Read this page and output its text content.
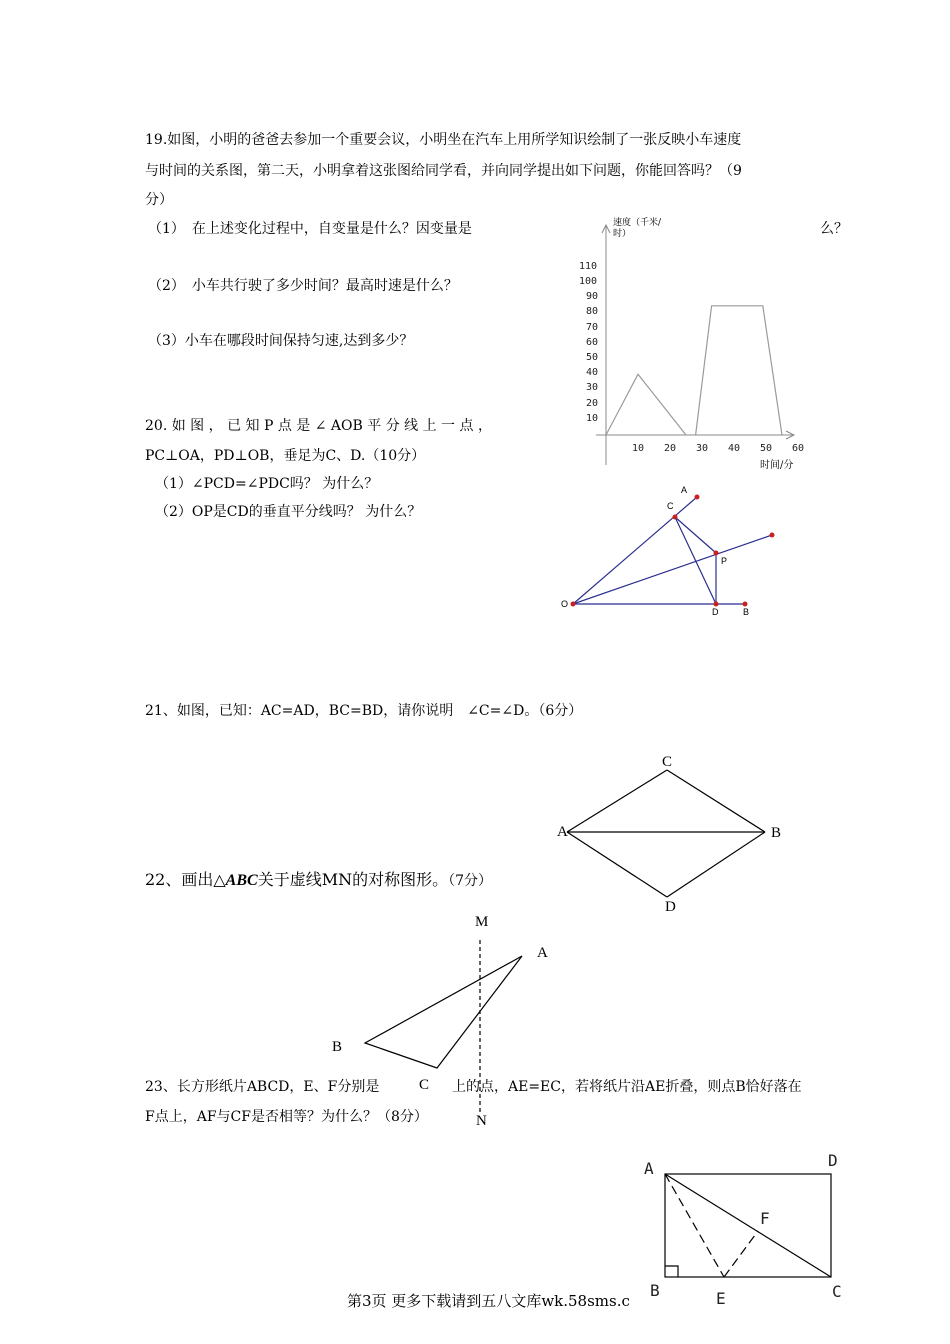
19.如图，小明的爸爸去参加一个重要会议，小明坐在汽车上用所学知识绘制了一张反映小车速度
与时间的关系图，第二天，小明拿着这张图给同学看，并向同学提出如下问题，你能回答吗？（9
分）
（1）　在上述变化过程中，自变量是什么？因变量是	么？
（2）　小车共行驶了多少时间？最高时速是什么？
（3）小车在哪段时间保持匀速,达到多少？
速度（千米/时）
时间/分
10
20
30
40
50
60
70
80
90
100
110
10 20 30 40 50 60
20. 如 图 ， 已 知 P 点 是 ∠ AOB 平 分 线 上 一 点 ，
PC⊥OA，PD⊥OB，垂足为C、D.（10分）
（1）∠PCD=∠PDC吗？ 为什么？
（2）OP是CD的垂直平分线吗？ 为什么？
A
C
P
O
D	B
21、如图，已知：AC=AD，BC=BD，请你说明　∠C=∠D。（6分）
C
A	B
D
22、画出△ABC关于虚线MN的对称图形。（7分）
M
A
B
C
N
23、长方形纸片ABCD，E、F分别是	上的点，AE=EC，若将纸片沿AE折叠，则点B恰好落在
F点上，AF与CF是否相等？为什么？（8分）
A	D
F
B	E	C
第3页 更多下载请到五八文库wk.58sms.c
